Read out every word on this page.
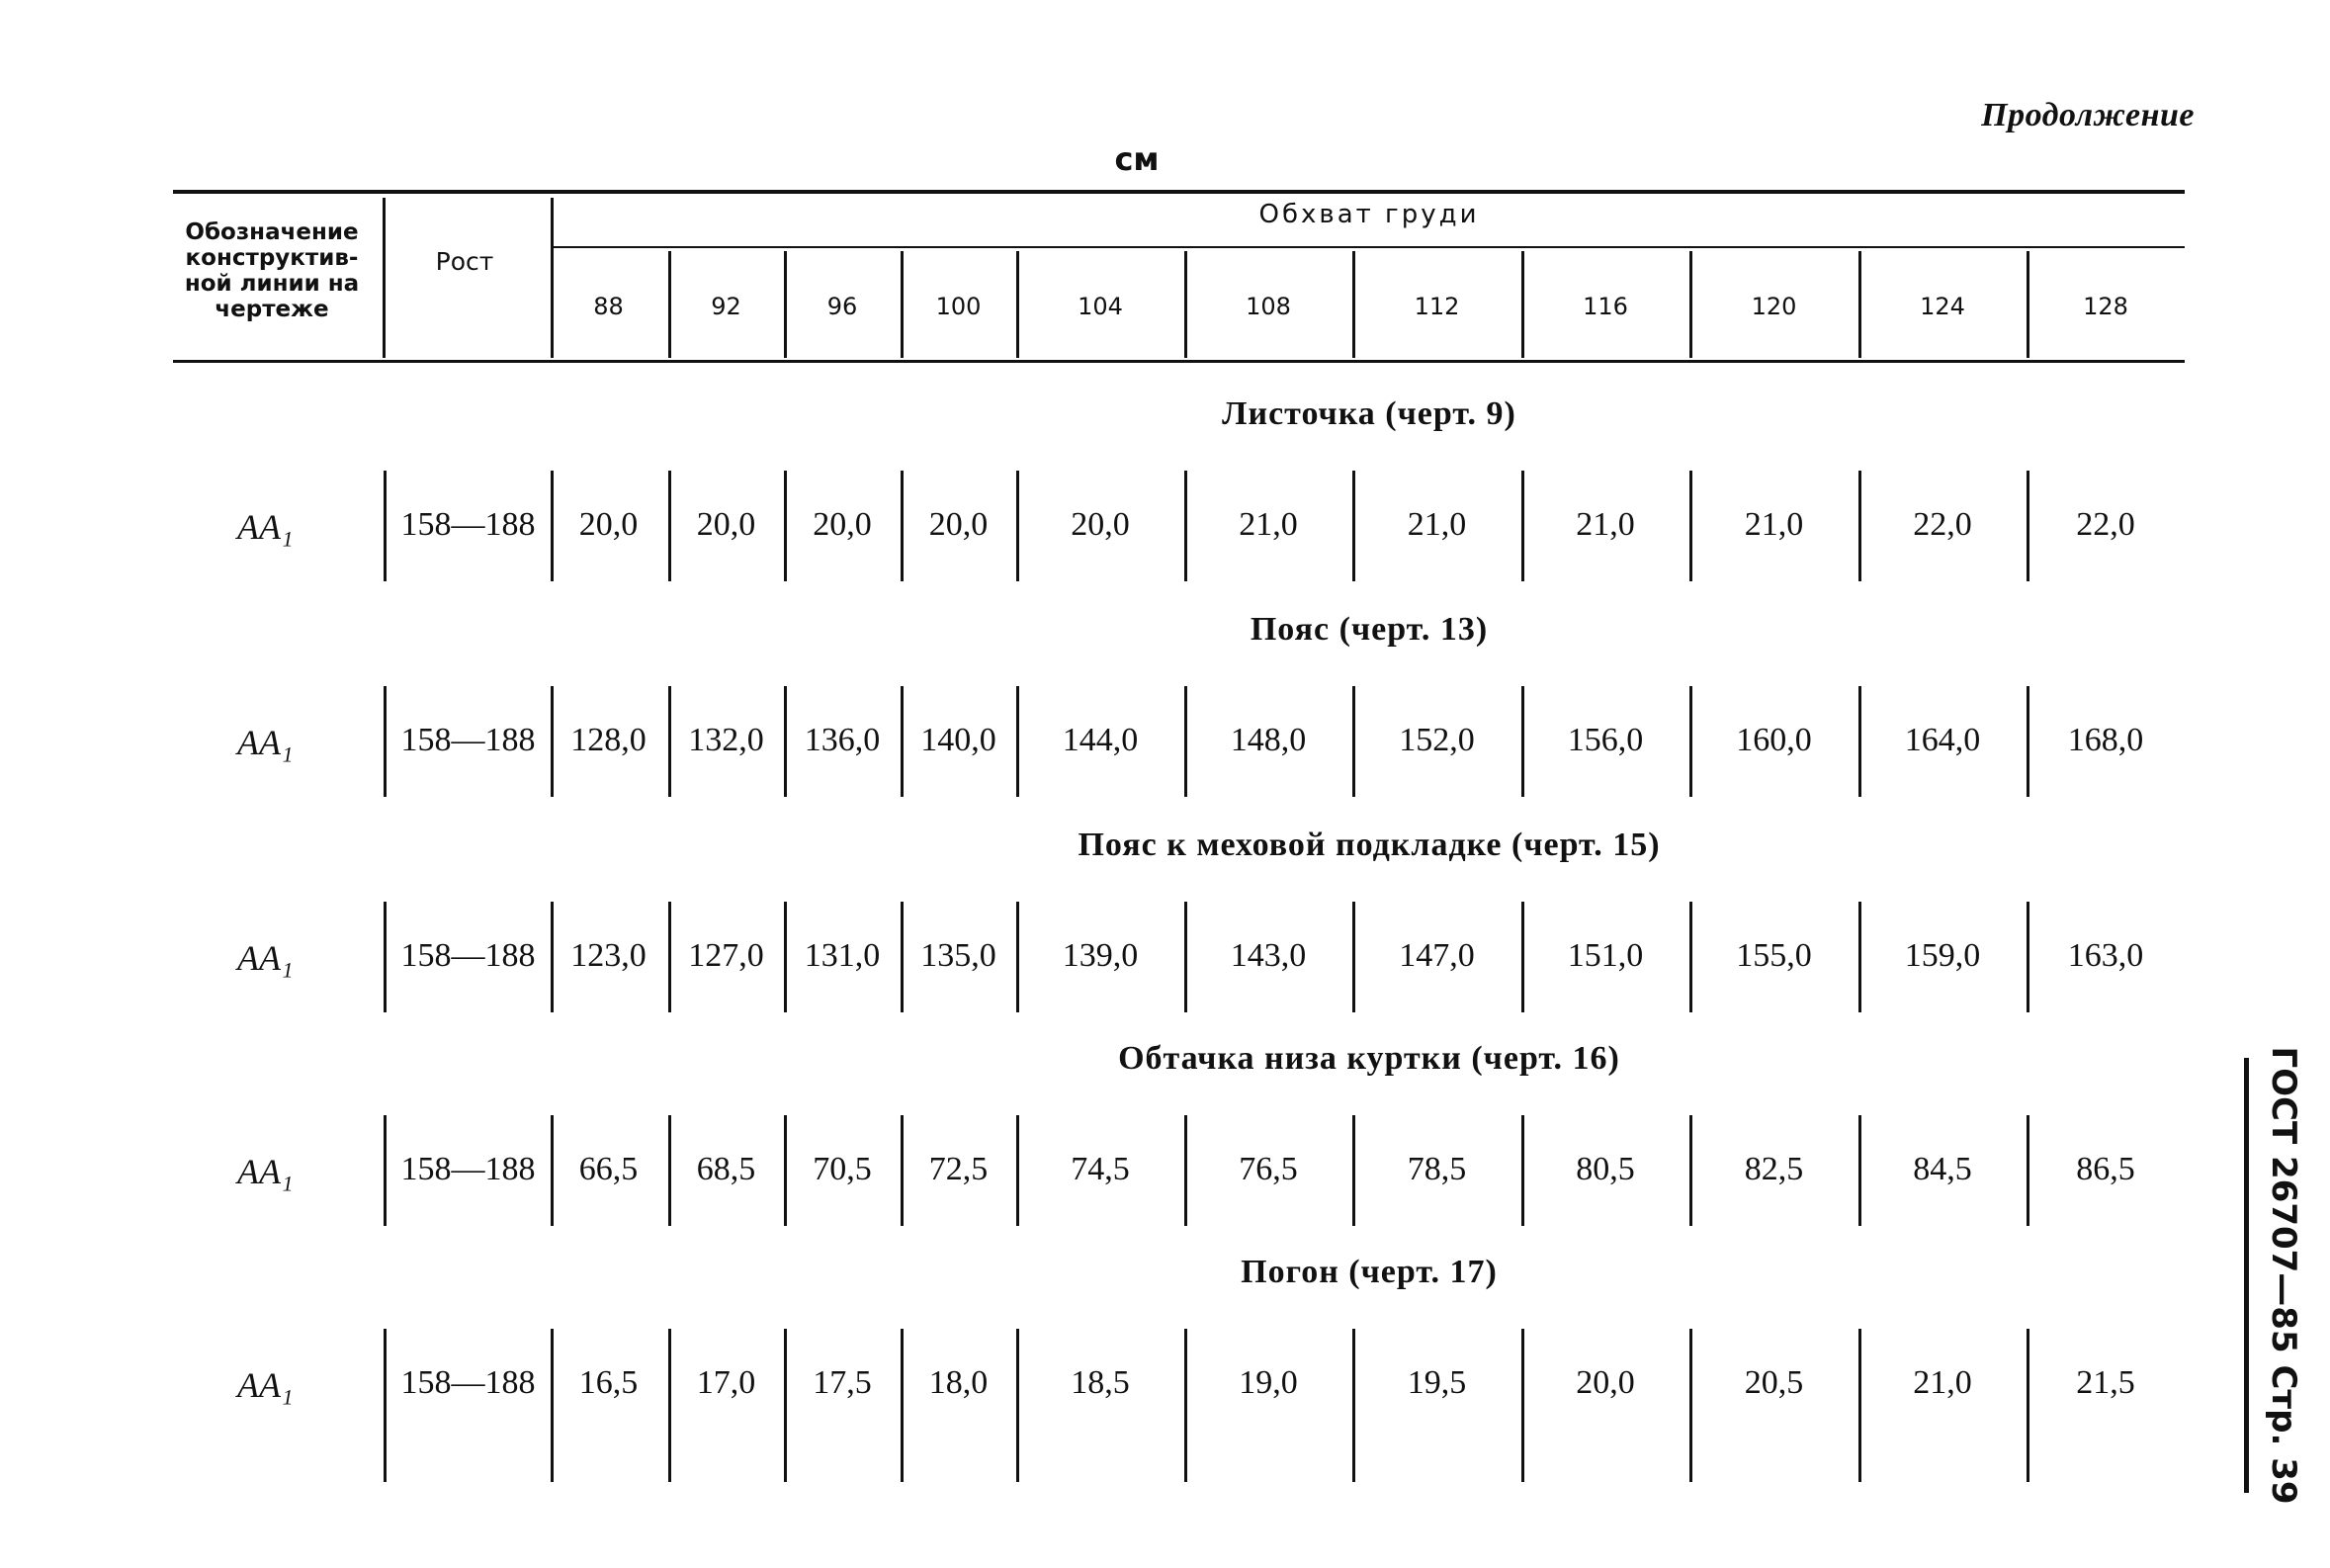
Продолжение
см
Обозначение
конструктив-
ной линии на
чертеже
Рост
Обхват груди
88	92	96	100	104	108	112	116	120	124	128
Листочка (черт. 9)
AA₁	158—188	20,0	20,0	20,0	20,0	20,0	21,0	21,0	21,0	21,0	22,0	22,0
Пояс (черт. 13)
AA₁	158—188	128,0	132,0	136,0	140,0	144,0	148,0	152,0	156,0	160,0	164,0	168,0
Пояс к меховой подкладке (черт. 15)
AA₁	158—188	123,0	127,0	131,0	135,0	139,0	143,0	147,0	151,0	155,0	159,0	163,0
Обтачка низа куртки (черт. 16)
AA₁	158—188	66,5	68,5	70,5	72,5	74,5	76,5	78,5	80,5	82,5	84,5	86,5
Погон (черт. 17)
AA₁	158—188	16,5	17,0	17,5	18,0	18,5	19,0	19,5	20,0	20,5	21,0	21,5	ГОСТ 26707—85 Стр. 39
